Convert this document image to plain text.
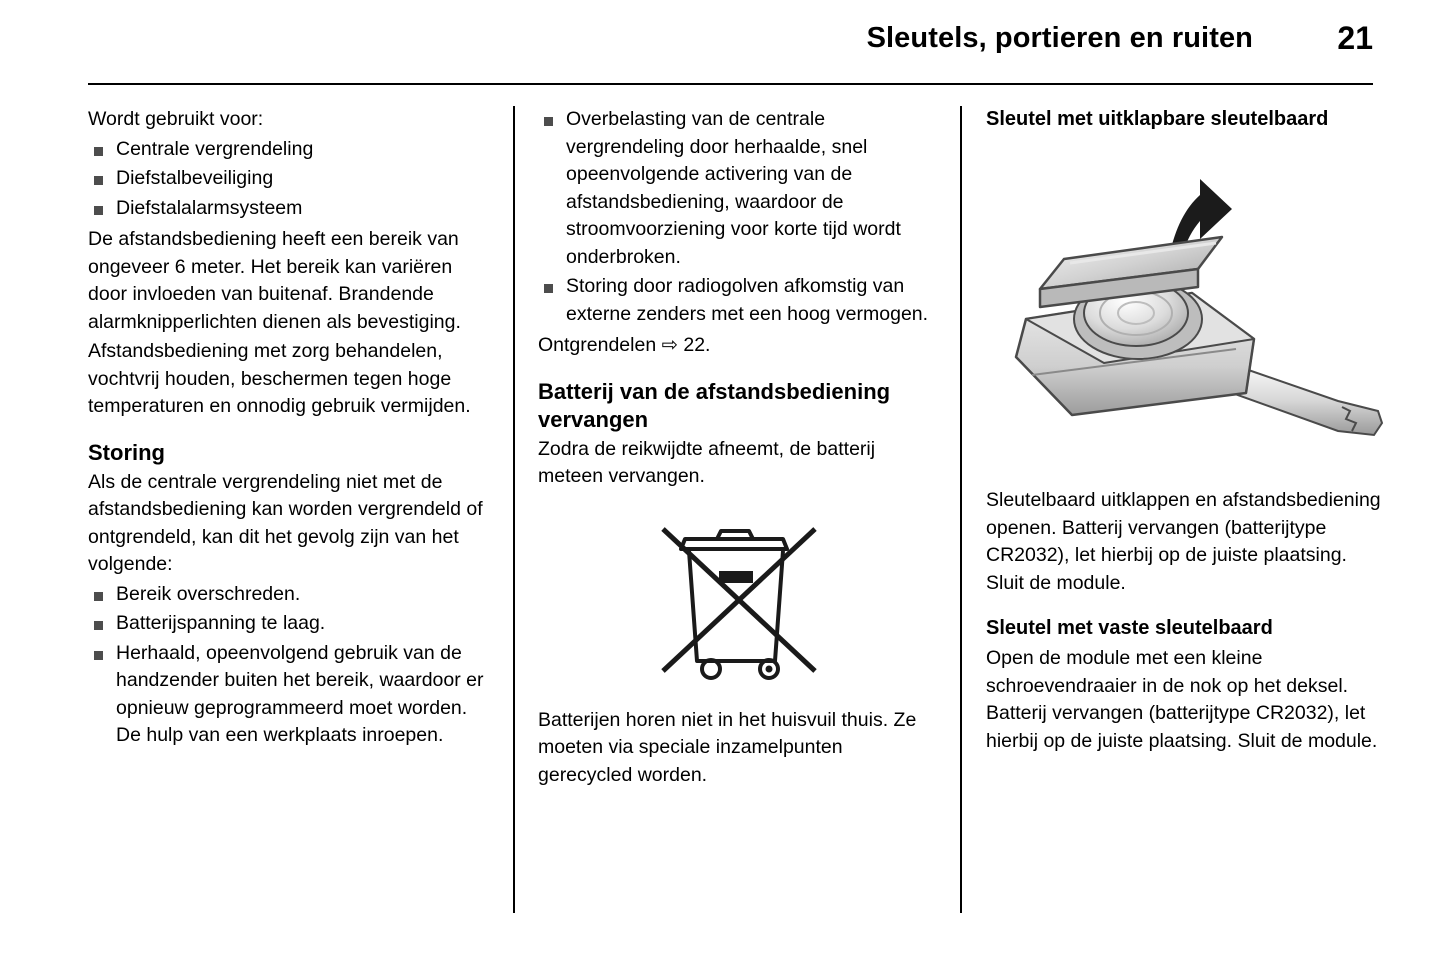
Sleutels, portieren en ruiten	21

Wordt gebruikt voor:

Centrale vergrendeling
Diefstalbeveiliging
Diefstalalarmsysteem

De afstandsbediening heeft een bereik van ongeveer 6 meter. Het bereik kan variëren door invloeden van buitenaf. Brandende alarmknipperlichten dienen als bevestiging.

Afstandsbediening met zorg behandelen, vochtvrij houden, beschermen tegen hoge temperaturen en onnodig gebruik vermijden.

Storing

Als de centrale vergrendeling niet met de afstandsbediening kan worden vergrendeld of ontgrendeld, kan dit het gevolg zijn van het volgende:

Bereik overschreden.
Batterijspanning te laag.
Herhaald, opeenvolgend gebruik van de handzender buiten het bereik, waardoor er opnieuw geprogrammeerd moet worden. De hulp van een werkplaats inroepen.
Overbelasting van de centrale vergrendeling door herhaalde, snel opeenvolgende activering van de afstandsbediening, waardoor de stroomvoorziening voor korte tijd wordt onderbroken.
Storing door radiogolven afkomstig van externe zenders met een hoog vermogen.

Ontgrendelen ⇨ 22.

Batterij van de afstandsbediening vervangen

Zodra de reikwijdte afneemt, de batterij meteen vervangen.

Batterijen horen niet in het huisvuil thuis. Ze moeten via speciale inzamelpunten gerecycled worden.

Sleutel met uitklapbare sleutelbaard

Sleutelbaard uitklappen en afstandsbediening openen. Batterij vervangen (batterijtype CR2032), let hierbij op de juiste plaatsing. Sluit de module.

Sleutel met vaste sleutelbaard

Open de module met een kleine schroevendraaier in de nok op het deksel. Batterij vervangen (batterijtype CR2032), let hierbij op de juiste plaatsing. Sluit de module.
